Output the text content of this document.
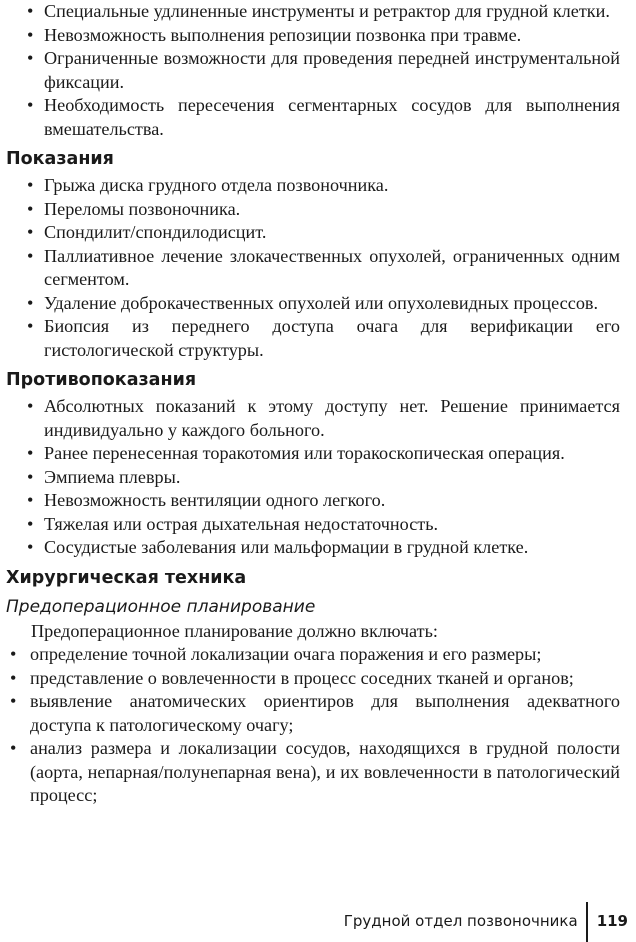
• Специальные удлиненные инструменты и ретрактор для грудной клетки.
• Невозможность выполнения репозиции позвонка при травме.
• Ограниченные возможности для проведения передней инструментальной фиксации.
• Необходимость пересечения сегментарных сосудов для выполнения вмешательства.
Показания
• Грыжа диска грудного отдела позвоночника.
• Переломы позвоночника.
• Спондилит/спондилодисцит.
• Паллиативное лечение злокачественных опухолей, ограниченных одним сегментом.
• Удаление доброкачественных опухолей или опухолевидных процессов.
• Биопсия из переднего доступа очага для верификации его гистологической структуры.
Противопоказания
• Абсолютных показаний к этому доступу нет. Решение принимается индивидуально у каждого больного.
• Ранее перенесенная торакотомия или торакоскопическая операция.
• Эмпиема плевры.
• Невозможность вентиляции одного легкого.
• Тяжелая или острая дыхательная недостаточность.
• Сосудистые заболевания или мальформации в грудной клетке.
Хирургическая техника
Предоперационное планирование

Предоперационное планирование должно включать:

• определение точной локализации очага поражения и его размеры;
• представление о вовлеченности в процесс соседних тканей и органов;
• выявление анатомических ориентиров для выполнения адекватного доступа к патологическому очагу;
• анализ размера и локализации сосудов, находящихся в грудной полости (аорта, непарная/полунепарная вена), и их вовлеченности в патологический процесс;
Грудной отдел позвоночника 119
